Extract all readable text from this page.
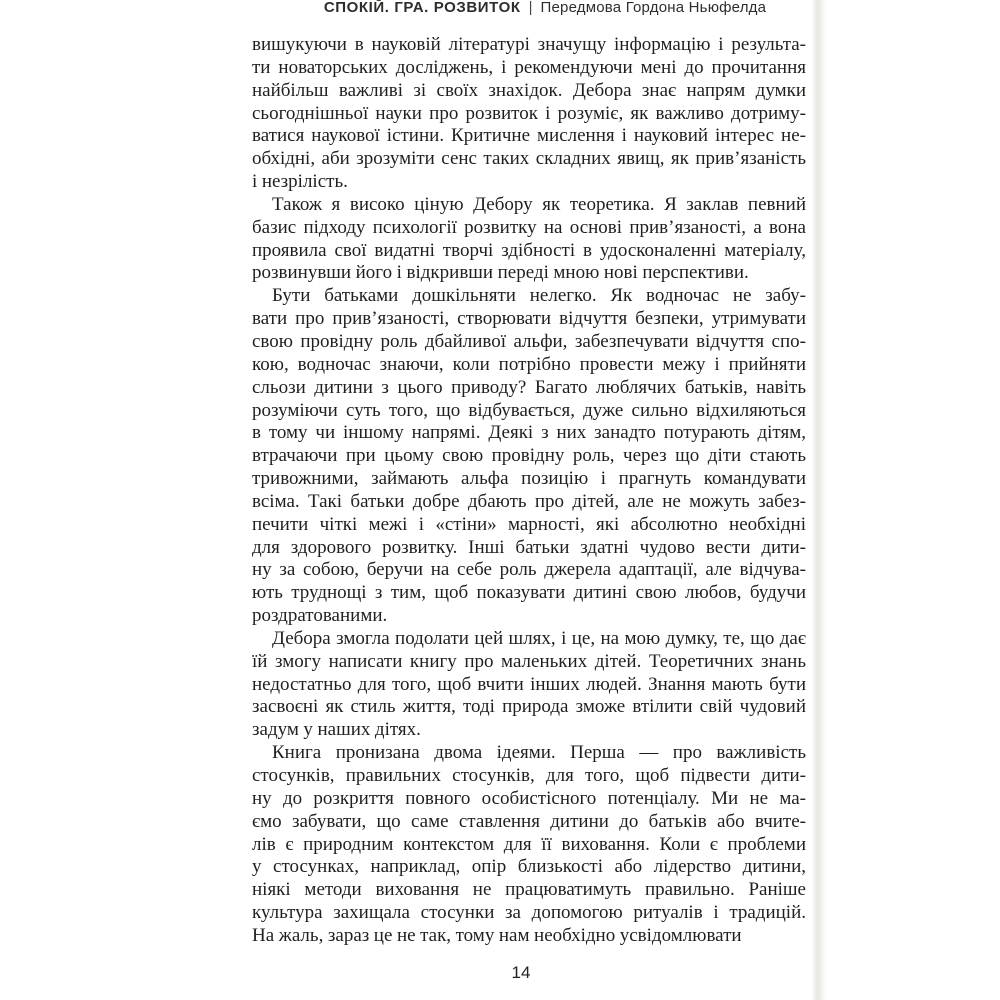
СПОКІЙ. ГРА. РОЗВИТОК | Передмова Гордона Ньюфелда
вишукуючи в науковій літературі значущу інформацію і результа-
ти новаторських досліджень, і рекомендуючи мені до прочитання
найбільш важливі зі своїх знахідок. Дебора знає напрям думки
сьогоднішньої науки про розвиток і розуміє, як важливо дотриму-
ватися наукової істини. Критичне мислення і науковий інтерес не-
обхідні, аби зрозуміти сенс таких складних явищ, як прив’язаність
і незрілість.
Також я високо ціную Дебору як теоретика. Я заклав певний
базис підходу психології розвитку на основі прив’язаності, а вона
проявила свої видатні творчі здібності в удосконаленні матеріалу,
розвинувши його і відкривши переді мною нові перспективи.
Бути батьками дошкільняти нелегко. Як водночас не забу-
вати про прив’язаності, створювати відчуття безпеки, утримувати
свою провідну роль дбайливої альфи, забезпечувати відчуття спо-
кою, водночас знаючи, коли потрібно провести межу і прийняти
сльози дитини з цього приводу? Багато люблячих батьків, навіть
розуміючи суть того, що відбувається, дуже сильно відхиляються
в тому чи іншому напрямі. Деякі з них занадто потурають дітям,
втрачаючи при цьому свою провідну роль, через що діти стають
тривожними, займають альфа позицію і прагнуть командувати
всіма. Такі батьки добре дбають про дітей, але не можуть забез-
печити чіткі межі і «стіни» марності, які абсолютно необхідні
для здорового розвитку. Інші батьки здатні чудово вести дити-
ну за собою, беручи на себе роль джерела адаптації, але відчува-
ють труднощі з тим, щоб показувати дитині свою любов, будучи
роздратованими.
Дебора змогла подолати цей шлях, і це, на мою думку, те, що дає
їй змогу написати книгу про маленьких дітей. Теоретичних знань
недостатньо для того, щоб вчити інших людей. Знання мають бути
засвоєні як стиль життя, тоді природа зможе втілити свій чудовий
задум у наших дітях.
Книга пронизана двома ідеями. Перша — про важливість
стосунків, правильних стосунків, для того, щоб підвести дити-
ну до розкриття повного особистісного потенціалу. Ми не ма-
ємо забувати, що саме ставлення дитини до батьків або вчите-
лів є природним контекстом для її виховання. Коли є проблеми
у стосунках, наприклад, опір близькості або лідерство дитини,
ніякі методи виховання не працюватимуть правильно. Раніше
культура захищала стосунки за допомогою ритуалів і традицій.
На жаль, зараз це не так, тому нам необхідно усвідомлювати
14
